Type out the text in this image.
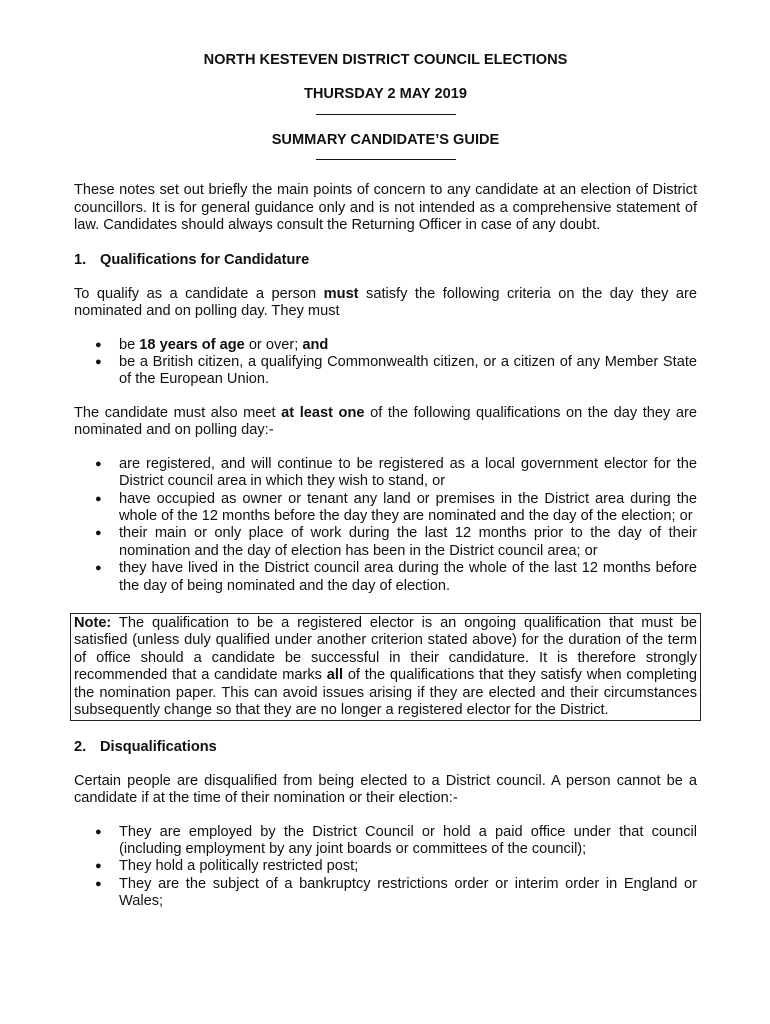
NORTH KESTEVEN DISTRICT COUNCIL ELECTIONS

THURSDAY 2 MAY 2019

SUMMARY CANDIDATE’S GUIDE

These notes set out briefly the main points of concern to any candidate at an election of District councillors. It is for general guidance only and is not intended as a comprehensive statement of law. Candidates should always consult the Returning Officer in case of any doubt.

1. Qualifications for Candidature

To qualify as a candidate a person must satisfy the following criteria on the day they are nominated and on polling day. They must

● be 18 years of age or over; and
● be a British citizen, a qualifying Commonwealth citizen, or a citizen of any Member State of the European Union.

The candidate must also meet at least one of the following qualifications on the day they are nominated and on polling day:-

● are registered, and will continue to be registered as a local government elector for the District council area in which they wish to stand, or
● have occupied as owner or tenant any land or premises in the District area during the whole of the 12 months before the day they are nominated and the day of the election; or
● their main or only place of work during the last 12 months prior to the day of their nomination and the day of election has been in the District council area; or
● they have lived in the District council area during the whole of the last 12 months before the day of being nominated and the day of election.
Note: The qualification to be a registered elector is an ongoing qualification that must be satisfied (unless duly qualified under another criterion stated above) for the duration of the term of office should a candidate be successful in their candidature. It is therefore strongly recommended that a candidate marks all of the qualifications that they satisfy when completing the nomination paper. This can avoid issues arising if they are elected and their circumstances subsequently change so that they are no longer a registered elector for the District.
2. Disqualifications

Certain people are disqualified from being elected to a District council. A person cannot be a candidate if at the time of their nomination or their election:-

● They are employed by the District Council or hold a paid office under that council (including employment by any joint boards or committees of the council);
● They hold a politically restricted post;
● They are the subject of a bankruptcy restrictions order or interim order in England or Wales;
